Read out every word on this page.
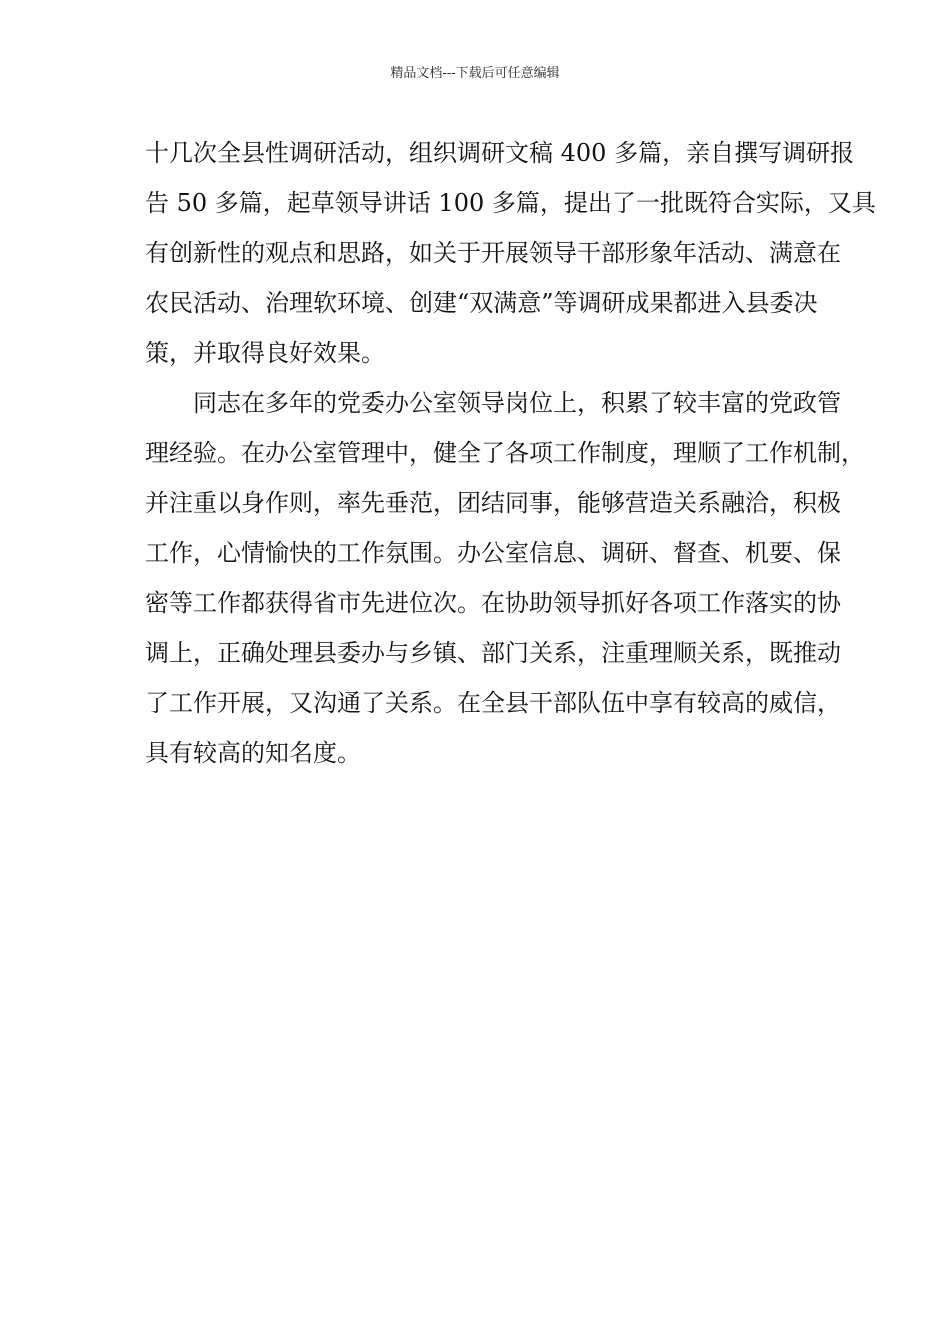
精品文档---下载后可任意编辑
十几次全县性调研活动，组织调研文稿 400 多篇，亲自撰写调研报
告 50 多篇，起草领导讲话 100 多篇，提出了一批既符合实际，又具
有创新性的观点和思路，如关于开展领导干部形象年活动、满意在
农民活动、治理软环境、创建“双满意”等调研成果都进入县委决
策，并取得良好效果。
　　同志在多年的党委办公室领导岗位上，积累了较丰富的党政管
理经验。在办公室管理中，健全了各项工作制度，理顺了工作机制，
并注重以身作则，率先垂范，团结同事，能够营造关系融洽，积极
工作，心情愉快的工作氛围。办公室信息、调研、督查、机要、保
密等工作都获得省市先进位次。在协助领导抓好各项工作落实的协
调上，正确处理县委办与乡镇、部门关系，注重理顺关系，既推动
了工作开展，又沟通了关系。在全县干部队伍中享有较高的威信，
具有较高的知名度。
